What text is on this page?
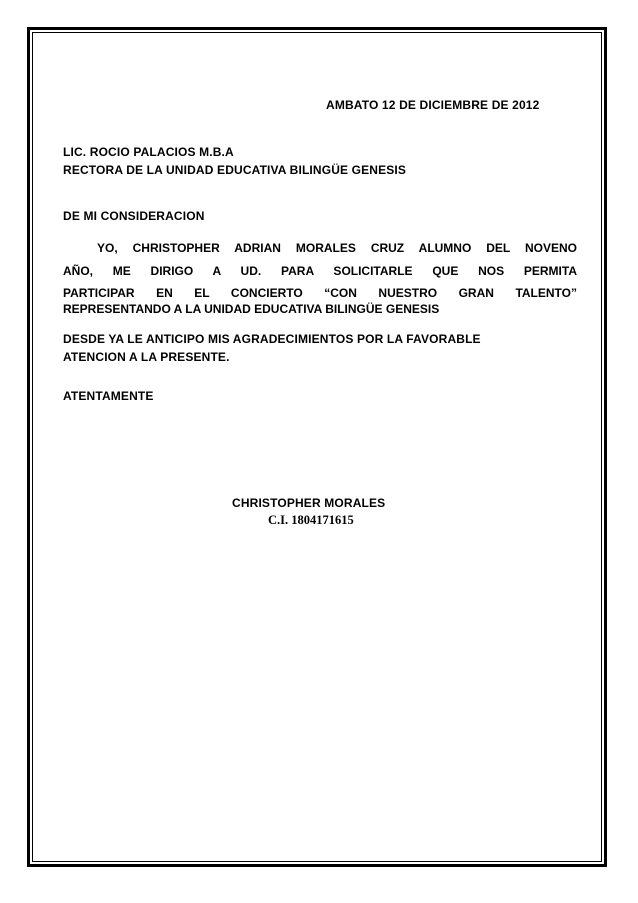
AMBATO 12 DE DICIEMBRE DE 2012
LIC. ROCIO PALACIOS M.B.A
RECTORA DE LA UNIDAD EDUCATIVA BILINGÜE GENESIS
DE MI CONSIDERACION
YO, CHRISTOPHER ADRIAN MORALES CRUZ ALUMNO DEL NOVENO
AÑO, ME DIRIGO A UD. PARA SOLICITARLE QUE NOS PERMITA
PARTICIPAR EN EL CONCIERTO “CON NUESTRO GRAN TALENTO”
REPRESENTANDO A LA UNIDAD EDUCATIVA BILINGÜE GENESIS
DESDE YA LE ANTICIPO MIS AGRADECIMIENTOS POR LA FAVORABLE
ATENCION A LA PRESENTE.
ATENTAMENTE
CHRISTOPHER MORALES
C.I. 1804171615
